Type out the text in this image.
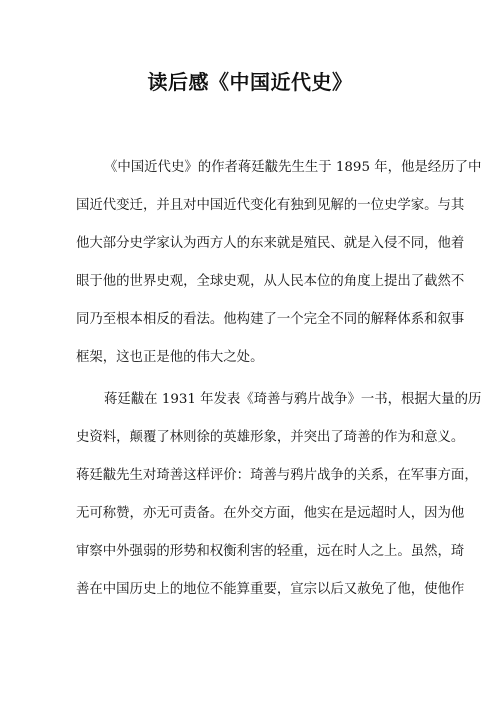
读后感《中国近代史》
《中国近代史》的作者蒋廷黻先生生于 1895 年，他是经历了中
国近代变迁，并且对中国近代变化有独到见解的一位史学家。与其
他大部分史学家认为西方人的东来就是殖民、就是入侵不同，他着
眼于他的世界史观，全球史观，从人民本位的角度上提出了截然不
同乃至根本相反的看法。他构建了一个完全不同的解释体系和叙事
框架，这也正是他的伟大之处。
蒋廷黻在 1931 年发表《琦善与鸦片战争》一书，根据大量的历
史资料，颠覆了林则徐的英雄形象，并突出了琦善的作为和意义。
蒋廷黻先生对琦善这样评价：琦善与鸦片战争的关系，在军事方面，
无可称赞，亦无可责备。在外交方面，他实在是远超时人，因为他
审察中外强弱的形势和权衡利害的轻重，远在时人之上。虽然，琦
善在中国历史上的地位不能算重要，宣宗以后又赦免了他，使他作
